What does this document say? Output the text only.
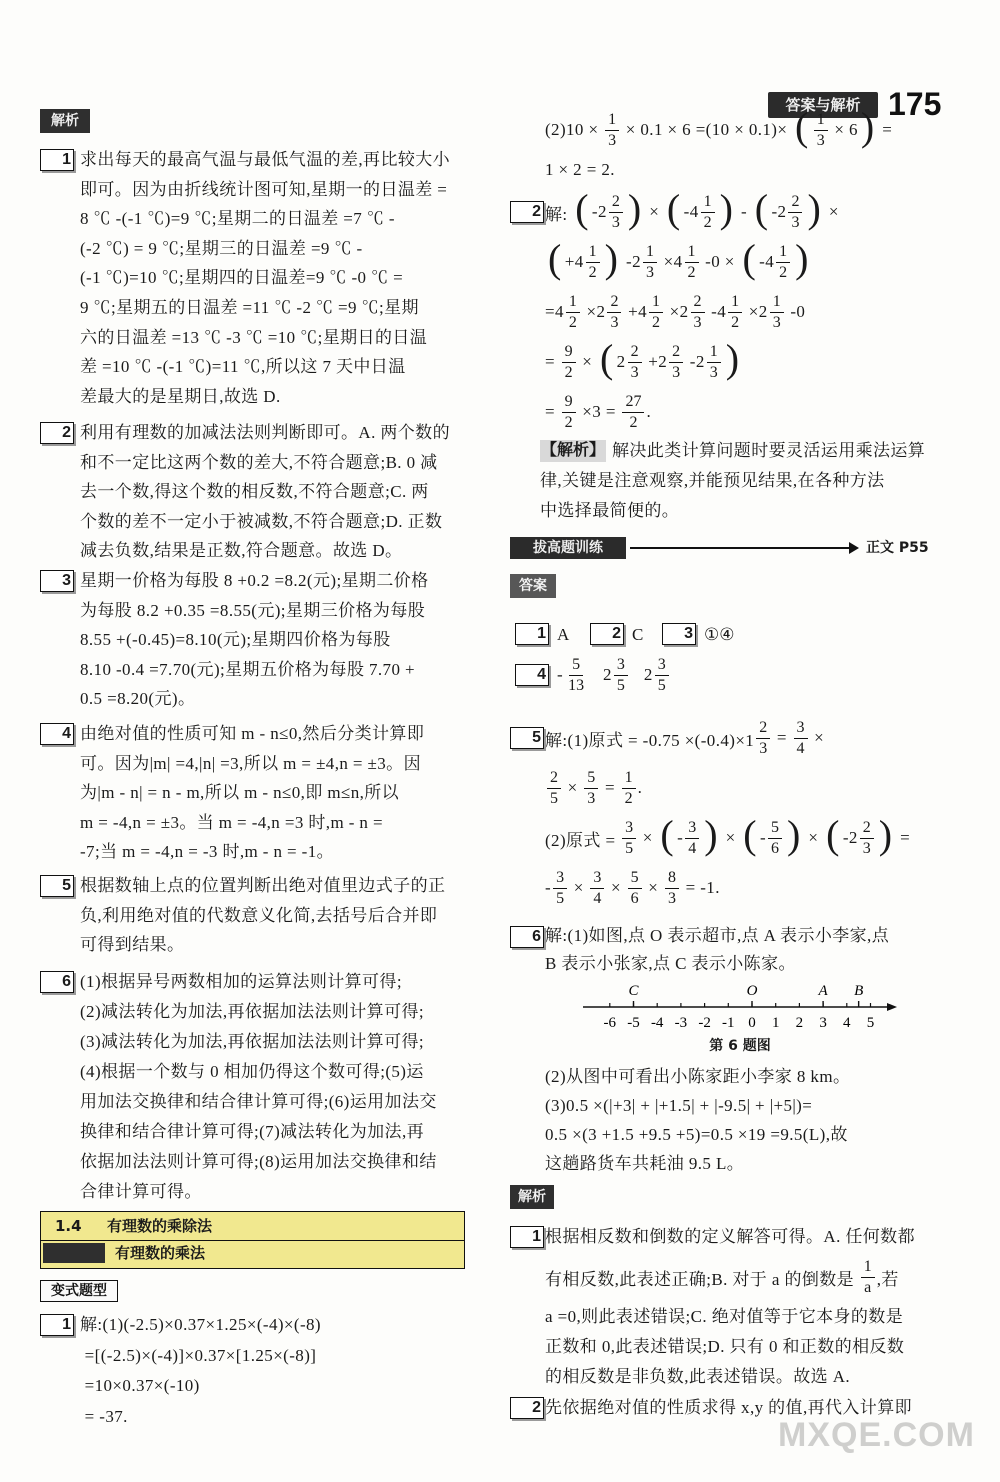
答案与解析 175
解析
1 求出每天的最高气温与最低气温的差,再比较大小
即可。因为由折线统计图可知,星期一的日温差 =
8 ℃ -(-1 ℃)=9 ℃;星期二的日温差 =7 ℃ -
(-2 ℃) = 9 ℃;星期三的日温差 =9 ℃ -
(-1 ℃)=10 ℃;星期四的日温差=9 ℃ -0 ℃ =
9 ℃;星期五的日温差 =11 ℃ -2 ℃ =9 ℃;星期
六的日温差 =13 ℃ -3 ℃ =10 ℃;星期日的日温
差 =10 ℃ -(-1 ℃)=11 ℃,所以这 7 天中日温
差最大的是星期日,故选 D.
2 利用有理数的加减法法则判断即可。A. 两个数的
和不一定比这两个数的差大,不符合题意;B. 0 减
去一个数,得这个数的相反数,不符合题意;C. 两
个数的差不一定小于被减数,不符合题意;D. 正数
减去负数,结果是正数,符合题意。故选 D。
3 星期一价格为每股 8 +0.2 =8.2(元);星期二价格
为每股 8.2 +0.35 =8.55(元);星期三价格为每股
8.55 +(-0.45)=8.10(元);星期四价格为每股
8.10 -0.4 =7.70(元);星期五价格为每股 7.70 +
0.5 =8.20(元)。
4 由绝对值的性质可知 m - n≤0,然后分类计算即
可。因为|m| =4,|n| =3,所以 m = ±4,n = ±3。因
为|m - n| = n - m,所以 m - n≤0,即 m≤n,所以
m = -4,n = ±3。当 m = -4,n =3 时,m - n =
-7;当 m = -4,n = -3 时,m - n = -1。
5 根据数轴上点的位置判断出绝对值里边式子的正
负,利用绝对值的代数意义化简,去括号后合并即
可得到结果。
6 (1)根据异号两数相加的运算法则计算可得;
(2)减法转化为加法,再依据加法法则计算可得;
(3)减法转化为加法,再依据加法法则计算可得;
(4)根据一个数与 0 相加仍得这个数可得;(5)运
用加法交换律和结合律计算可得;(6)运用加法交
换律和结合律计算可得;(7)减法转化为加法,再
依据加法法则计算可得;(8)运用加法交换律和结
合律计算可得。
1.4 有理数的乘除法
有理数的乘法
变式题型
1 解:(1)(-2.5)×0.37×1.25×(-4)×(-8)
=[(-2.5)×(-4)]×0.37×[1.25×(-8)]
=10×0.37×(-10)
= -37.
$(2)10 \times \frac{1}{3} \times 0.1 \times 6 =(10 \times 0.1)\times$ ( $\frac{1}{3} \times 6$ ) =
1 × 2 = 2.
2 解: ( $-2 \frac{2}{3}$ ) × ( $-4 \frac{1}{2}$ ) - ( $-2 \frac{2}{3}$ ) ×
( $+4 \frac{1}{2}$ ) $-2 \frac{1}{3} \times 4 \frac{1}{2} -0$ × ( $-4 \frac{1}{2}$ )
$=4 \frac{1}{2} \times 2 \frac{2}{3} +4 \frac{1}{2} \times 2 \frac{2}{3} -4 \frac{1}{2} \times 2 \frac{1}{3} -0$
= $\frac{9}{2}$ × ( $2 \frac{2}{3} +2 \frac{2}{3} -2 \frac{1}{3}$ )
= $\frac{9}{2} \times 3 = \frac{27}{2}$ .
【解析】 解决此类计算问题时要灵活运用乘法运算
律,关键是注意观察,并能预见结果,在各种方法
中选择最简便的。
拔高题训练	正文 P55
答案
1 A	2 C	3 ①④
$4 - \frac{5}{13} 2 \frac{3}{5} 2 \frac{3}{5}$
5 解:(1)原式 = $-0.75 \times(-0.4)\times 1 \frac{2}{3} = \frac{3}{4}$ ×
$\frac{2}{5} \times \frac{5}{3} = \frac{1}{2}$ .
(2)原式 = $\frac{3}{5}$ × ( - $\frac{3}{4}$ ) × ( - $\frac{5}{6}$ ) × ( $-2 \frac{2}{3}$ ) =
- $\frac{3}{5} \times \frac{3}{4} \times \frac{5}{6} \times \frac{8}{3} = -1$.
6 解:(1)如图,点 O 表示超市,点 A 表示小李家,点
B 表示小张家,点 C 表示小陈家。
-6 -5 -4 -3 -2 -1 0 1 2 3 4 5
C	O	A B
第 6 题图
(2)从图中可看出小陈家距小李家 8 km。
(3)0.5 ×(|+3| + |+1.5| + |-9.5| + |+5|)=
0.5 ×(3 +1.5 +9.5 +5)=0.5 ×19 =9.5(L),故
这趟路货车共耗油 9.5 L。
解析
1 根据相反数和倒数的定义解答可得。A. 任何数都
有相反数,此表述正确;B. 对于 a 的倒数是 $\frac{1}{a}$ ,若
a =0,则此表述错误;C. 绝对值等于它本身的数是
正数和 0,此表述错误;D. 只有 0 和正数的相反数
的相反数是非负数,此表述错误。故选 A.
2 先依据绝对值的性质求得 x,y 的值,再代入计算即
MXQE.COM
